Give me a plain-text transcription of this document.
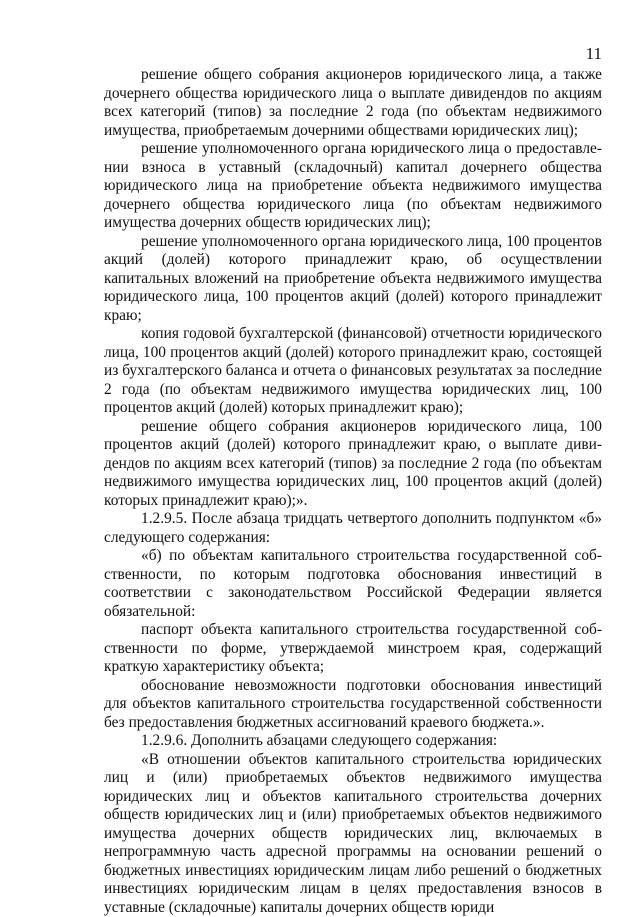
11

решение общего собрания акционеров юридического лица, а также дочернего общества юридического лица о выплате дивидендов по акциям всех категорий (типов) за последние 2 года (по объектам недвижимого имущества, приобретаемым дочерними обществами юридических лиц);

решение уполномоченного органа юридического лица о предоставлении взноса в уставный (складочный) капитал дочернего общества юридического лица на приобретение объекта недвижимого имущества дочернего общества юридического лица (по объектам недвижимого имущества дочерних обществ юридических лиц);

решение уполномоченного органа юридического лица, 100 процентов акций (долей) которого принадлежит краю, об осуществлении капитальных вложений на приобретение объекта недвижимого имущества юридического лица, 100 процентов акций (долей) которого принадлежит краю;

копия годовой бухгалтерской (финансовой) отчетности юридического лица, 100 процентов акций (долей) которого принадлежит краю, состоящей из бухгалтерского баланса и отчета о финансовых результатах за последние 2 года (по объектам недвижимого имущества юридических лиц, 100 процентов акций (долей) которых принадлежит краю);

решение общего собрания акционеров юридического лица, 100 процентов акций (долей) которого принадлежит краю, о выплате дивидендов по акциям всех категорий (типов) за последние 2 года (по объектам недвижимого имущества юридических лиц, 100 процентов акций (долей) которых принадлежит краю);».

1.2.9.5. После абзаца тридцать четвертого дополнить подпунктом «б» следующего содержания:

«б) по объектам капитального строительства государственной собственности, по которым подготовка обоснования инвестиций в соответствии с законодательством Российской Федерации является обязательной:

паспорт объекта капитального строительства государственной собственности по форме, утверждаемой минстроем края, содержащий краткую характеристику объекта;

обоснование невозможности подготовки обоснования инвестиций для объектов капитального строительства государственной собственности без предоставления бюджетных ассигнований краевого бюджета.».

1.2.9.6. Дополнить абзацами следующего содержания:

«В отношении объектов капитального строительства юридических лиц и (или) приобретаемых объектов недвижимого имущества юридических лиц и объектов капитального строительства дочерних обществ юридических лиц и (или) приобретаемых объектов недвижимого имущества дочерних обществ юридических лиц, включаемых в непрограммную часть адресной программы на основании решений о бюджетных инвестициях юридическим лицам либо решений о бюджетных инвестициях юридическим лицам в целях предоставления взносов в уставные (складочные) капиталы дочерних обществ юриди
